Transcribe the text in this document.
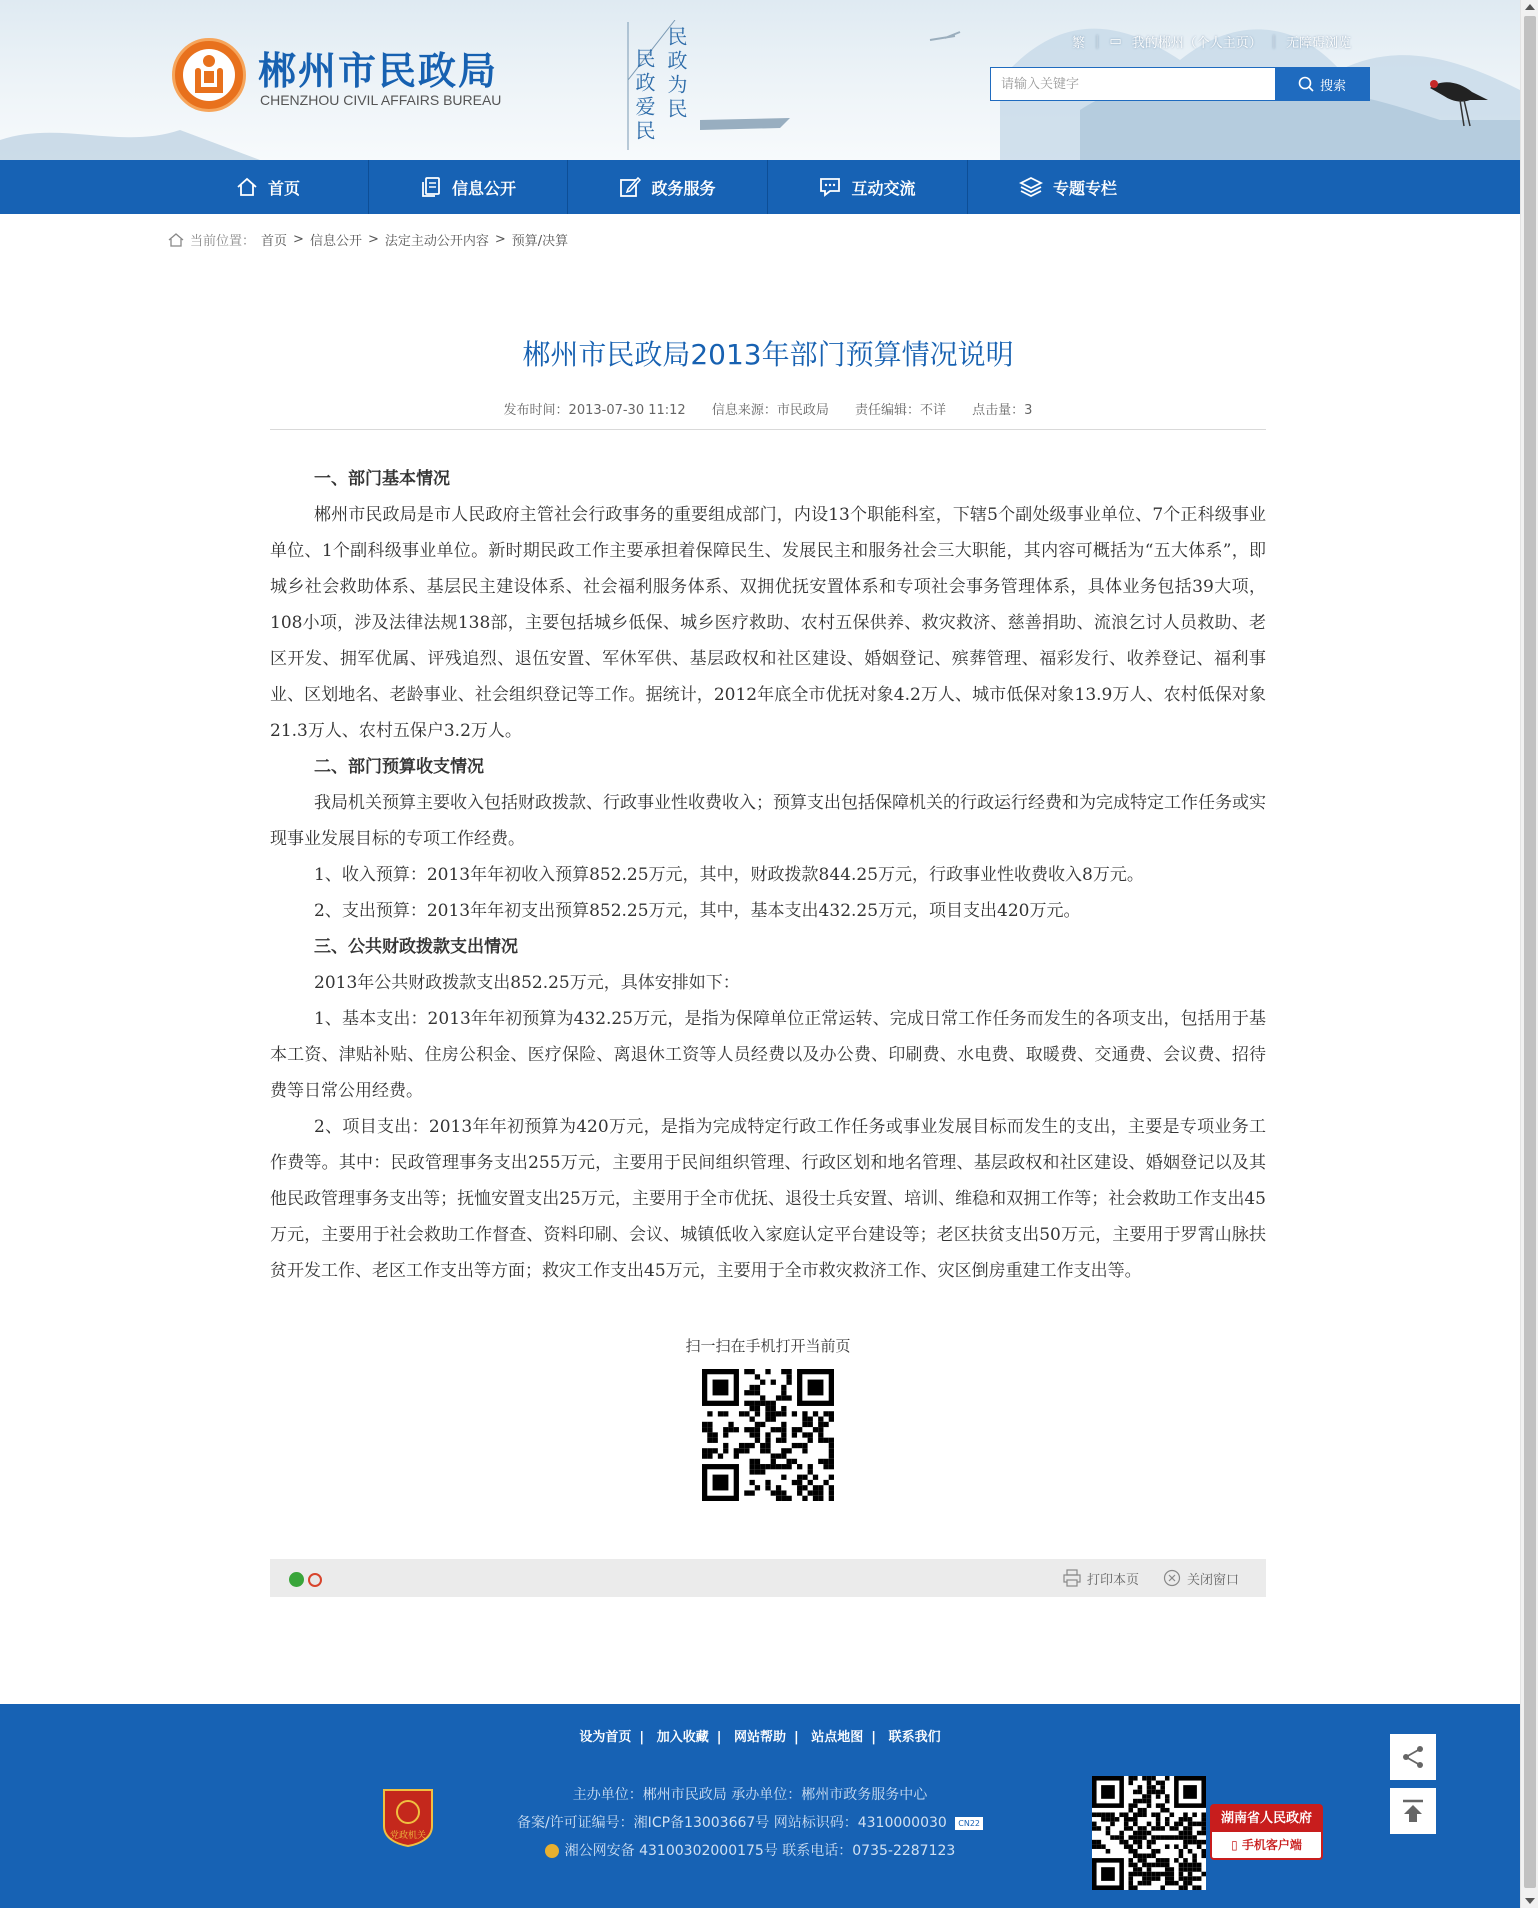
郴州市民政局
CHENZHOU CIVIL AFFAIRS BUREAU	民政为民
民政爱民
繁 | ▭ 我的郴州（个人主页） | 无障碍浏览
请输入关键字
搜索
首页	信息公开	政务服务	互动交流	专题专栏
当前位置： 首页 > 信息公开 > 法定主动公开内容 > 预算/决算
郴州市民政局2013年部门预算情况说明
发布时间：2013-07-30 11:12 信息来源：市民政局 责任编辑：不详 点击量：3

一、部门基本情况

郴州市民政局是市人民政府主管社会行政事务的重要组成部门，内设13个职能科室，下辖5个副处级事业单位、7个正科级事业单位、1个副科级事业单位。新时期民政工作主要承担着保障民生、发展民主和服务社会三大职能，其内容可概括为“五大体系”，即城乡社会救助体系、基层民主建设体系、社会福利服务体系、双拥优抚安置体系和专项社会事务管理体系，具体业务包括39大项，108小项，涉及法律法规138部，主要包括城乡低保、城乡医疗救助、农村五保供养、救灾救济、慈善捐助、流浪乞讨人员救助、老区开发、拥军优属、评残追烈、退伍安置、军休军供、基层政权和社区建设、婚姻登记、殡葬管理、福彩发行、收养登记、福利事业、区划地名、老龄事业、社会组织登记等工作。据统计，2012年底全市优抚对象4.2万人、城市低保对象13.9万人、农村低保对象21.3万人、农村五保户3.2万人。

二、部门预算收支情况

我局机关预算主要收入包括财政拨款、行政事业性收费收入；预算支出包括保障机关的行政运行经费和为完成特定工作任务或实现事业发展目标的专项工作经费。

1、收入预算：2013年年初收入预算852.25万元，其中，财政拨款844.25万元，行政事业性收费收入8万元。

2、支出预算：2013年年初支出预算852.25万元，其中，基本支出432.25万元，项目支出420万元。

三、公共财政拨款支出情况

2013年公共财政拨款支出852.25万元，具体安排如下：

1、基本支出：2013年年初预算为432.25万元，是指为保障单位正常运转、完成日常工作任务而发生的各项支出，包括用于基本工资、津贴补贴、住房公积金、医疗保险、离退休工资等人员经费以及办公费、印刷费、水电费、取暖费、交通费、会议费、招待费等日常公用经费。

2、项目支出：2013年年初预算为420万元，是指为完成特定行政工作任务或事业发展目标而发生的支出，主要是专项业务工作费等。其中：民政管理事务支出255万元，主要用于民间组织管理、行政区划和地名管理、基层政权和社区建设、婚姻登记以及其他民政管理事务支出等；抚恤安置支出25万元，主要用于全市优抚、退役士兵安置、培训、维稳和双拥工作等；社会救助工作支出45万元，主要用于社会救助工作督查、资料印刷、会议、城镇低收入家庭认定平台建设等；老区扶贫支出50万元，主要用于罗霄山脉扶贫开发工作、老区工作支出等方面；救灾工作支出45万元，主要用于全市救灾救济工作、灾区倒房重建工作支出等。

扫一扫在手机打开当前页
打印本页	关闭窗口
设为首页 | 加入收藏 | 网站帮助 | 站点地图 | 联系我们
党政机关
主办单位：郴州市民政局 承办单位：郴州市政务服务中心
备案/许可证编号：湘ICP备13003667号 网站标识码：4310000030 CN22
湘公网安备 43100302000175号 联系电话：0735-2287123
湖南省人民政府
▯ 手机客户端
